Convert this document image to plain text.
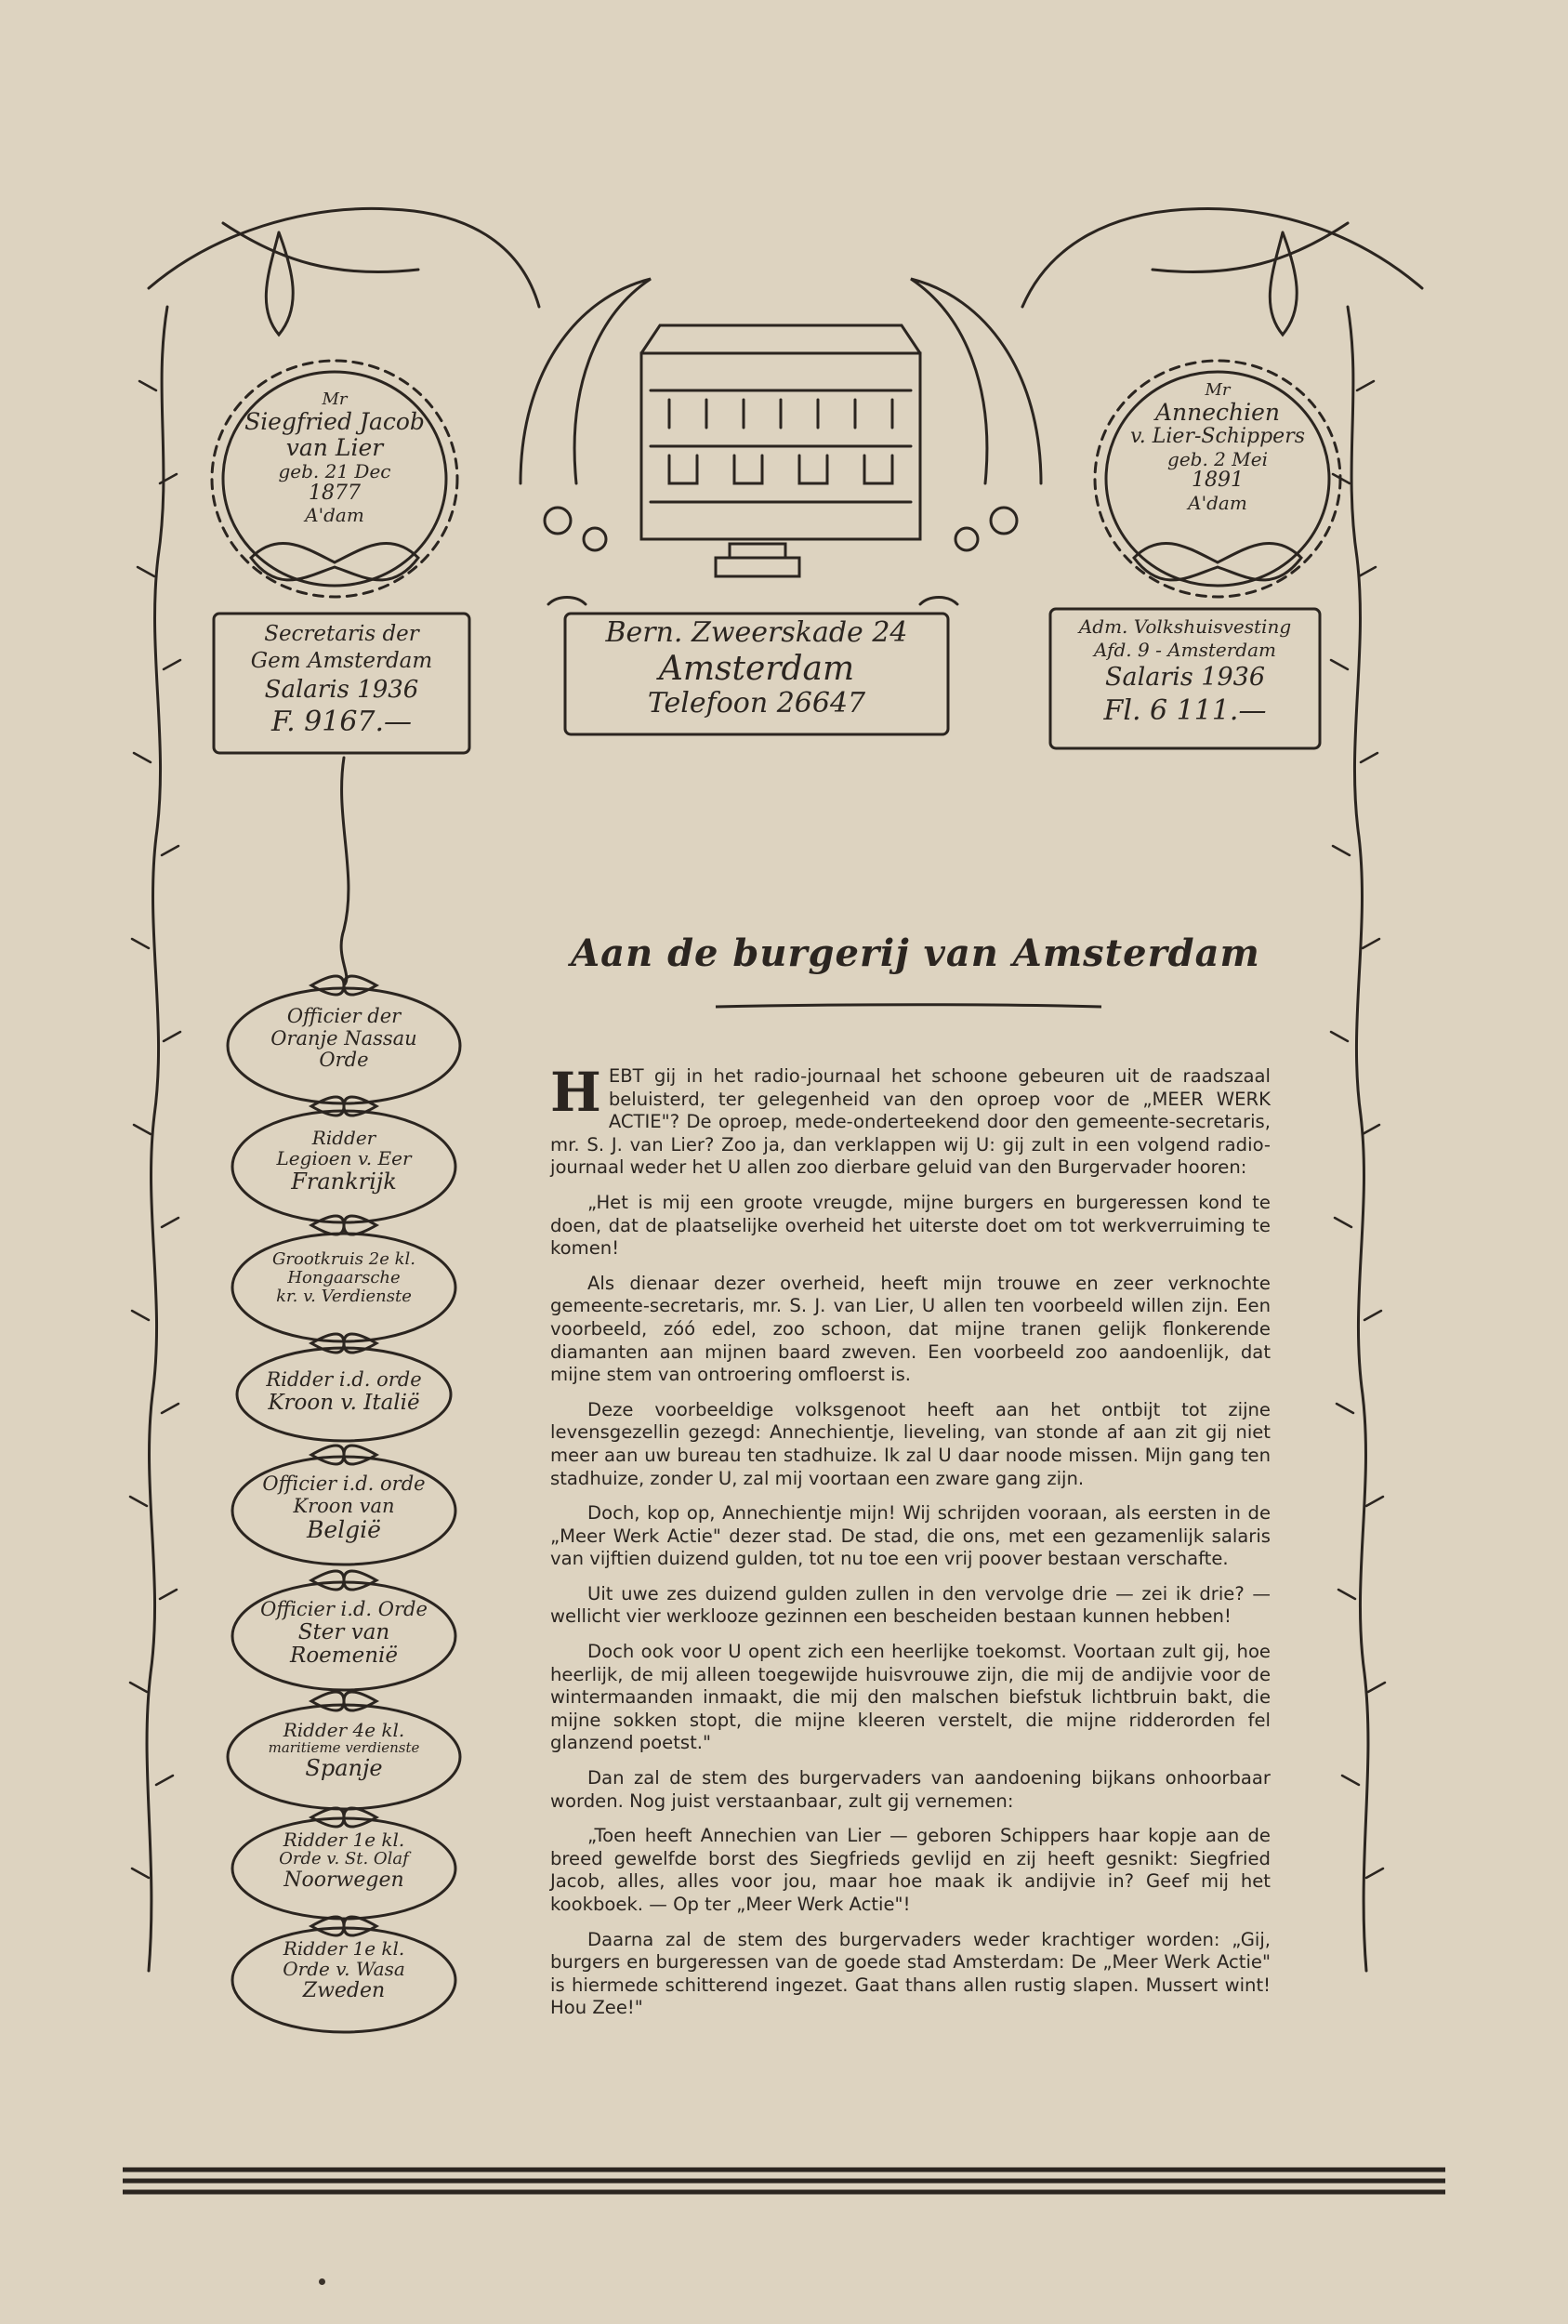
Mr
Siegfried Jacob
van Lier
geb. 21 Dec
1877
A'dam
Mr
Annechien
v. Lier-Schippers
geb. 2 Mei
1891
A'dam
Bern. Zweerskade 24
Amsterdam
Telefoon 26647
Secretaris der
Gem Amsterdam
Salaris 1936
F. 9167.—
Adm. Volkshuisvesting
Afd. 9 - Amsterdam
Salaris 1936
Fl. 6 111.—
Officier der
Oranje Nassau
Orde
Ridder
Legioen v. Eer
Frankrijk
Grootkruis 2e kl.
Hongaarsche
kr. v. Verdienste
Ridder i.d. orde
Kroon v. Italië
Officier i.d. orde
Kroon van
België
Officier i.d. Orde
Ster van
Roemenië
Ridder 4e kl.
maritieme verdienste
Spanje
Ridder 1e kl.
Orde v. St. Olaf
Noorwegen
Ridder 1e kl.
Orde v. Wasa
Zweden
Aan de burgerij van Amsterdam

HEBT gij in het radio-journaal het schoone gebeuren uit de raadszaal beluisterd, ter gelegenheid van den oproep voor de „MEER WERK ACTIE"? De oproep, mede-onderteekend door den gemeente-secretaris, mr. S. J. van Lier? Zoo ja, dan verklappen wij U: gij zult in een volgend radio-journaal weder het U allen zoo dierbare geluid van den Burgervader hooren:

„Het is mij een groote vreugde, mijne burgers en burgeressen kond te doen, dat de plaatselijke overheid het uiterste doet om tot werkverruiming te komen!

Als dienaar dezer overheid, heeft mijn trouwe en zeer verknochte gemeente-secretaris, mr. S. J. van Lier, U allen ten voorbeeld willen zijn. Een voorbeeld, zóó edel, zoo schoon, dat mijne tranen gelijk flonkerende diamanten aan mijnen baard zweven. Een voorbeeld zoo aandoenlijk, dat mijne stem van ontroering omfloerst is.

Deze voorbeeldige volksgenoot heeft aan het ontbijt tot zijne levensgezellin gezegd: Annechientje, lieveling, van stonde af aan zit gij niet meer aan uw bureau ten stadhuize. Ik zal U daar noode missen. Mijn gang ten stadhuize, zonder U, zal mij voortaan een zware gang zijn.

Doch, kop op, Annechientje mijn! Wij schrijden vooraan, als eersten in de „Meer Werk Actie" dezer stad. De stad, die ons, met een gezamenlijk salaris van vijftien duizend gulden, tot nu toe een vrij poover bestaan verschafte.

Uit uwe zes duizend gulden zullen in den vervolge drie — zei ik drie? — wellicht vier werklooze gezinnen een bescheiden bestaan kunnen hebben!

Doch ook voor U opent zich een heerlijke toekomst. Voortaan zult gij, hoe heerlijk, de mij alleen toegewijde huisvrouwe zijn, die mij de andijvie voor de wintermaanden inmaakt, die mij den malschen biefstuk lichtbruin bakt, die mijne sokken stopt, die mijne kleeren verstelt, die mijne ridderorden fel glanzend poetst."

Dan zal de stem des burgervaders van aandoening bijkans onhoorbaar worden. Nog juist verstaanbaar, zult gij vernemen:

„Toen heeft Annechien van Lier — geboren Schippers haar kopje aan de breed gewelfde borst des Siegfrieds gevlijd en zij heeft gesnikt: Siegfried Jacob, alles, alles voor jou, maar hoe maak ik andijvie in? Geef mij het kookboek. — Op ter „Meer Werk Actie"!

Daarna zal de stem des burgervaders weder krachtiger worden: „Gij, burgers en burgeressen van de goede stad Amsterdam: De „Meer Werk Actie" is hiermede schitterend ingezet. Gaat thans allen rustig slapen. Mussert wint! Hou Zee!"
